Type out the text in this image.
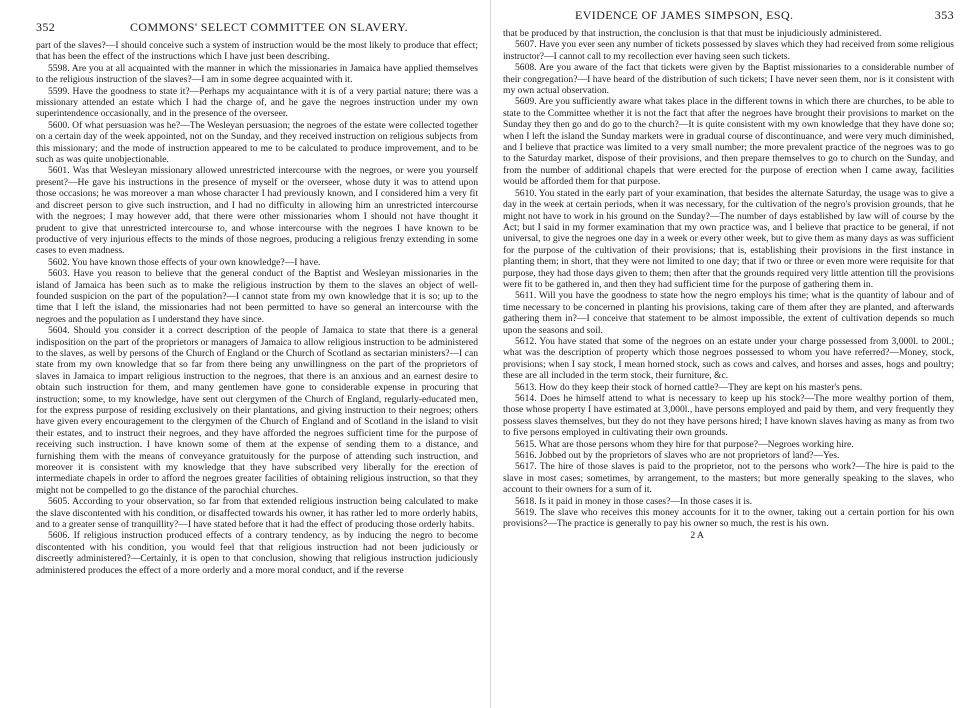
352	COMMONS' SELECT COMMITTEE ON SLAVERY.

part of the slaves?—I should conceive such a system of instruction would be the most likely to produce that effect; that has been the effect of the instructions which I have just been describing.

5598. Are you at all acquainted with the manner in which the missionaries in Jamaica have applied themselves to the religious instruction of the slaves?—I am in some degree acquainted with it.

5599. Have the goodness to state it?—Perhaps my acquaintance with it is of a very partial nature; there was a missionary attended an estate which I had the charge of, and he gave the negroes instruction under my own superintendence occasionally, and in the presence of the overseer.

5600. Of what persuasion was he?—The Wesleyan persuasion; the negroes of the estate were collected together on a certain day of the week appointed, not on the Sunday, and they received instruction on religious subjects from this missionary; and the mode of instruction appeared to me to be calculated to produce improvement, and to be such as was quite unobjectionable.

5601. Was that Wesleyan missionary allowed unrestricted intercourse with the negroes, or were you yourself present?—He gave his instructions in the presence of myself or the overseer, whose duty it was to attend upon those occasions; he was moreover a man whose character I had previously known, and I considered him a very fit and discreet person to give such instruction, and I had no difficulty in allowing him an unrestricted intercourse with the negroes; I may however add, that there were other missionaries whom I should not have thought it prudent to give that unrestricted intercourse to, and whose intercourse with the negroes I have known to be productive of very injurious effects to the minds of those negroes, producing a religious frenzy extending in some cases to even madness.

5602. You have known those effects of your own knowledge?—I have.

5603. Have you reason to believe that the general conduct of the Baptist and Wesleyan missionaries in the island of Jamaica has been such as to make the religious instruction by them to the slaves an object of well-founded suspicion on the part of the population?—I cannot state from my own knowledge that it is so; up to the time that I left the island, the missionaries had not been permitted to have so general an intercourse with the negroes and the population as I understand they have since.

5604. Should you consider it a correct description of the people of Jamaica to state that there is a general indisposition on the part of the proprietors or managers of Jamaica to allow religious instruction to be administered to the slaves, as well by persons of the Church of England or the Church of Scotland as sectarian ministers?—I can state from my own knowledge that so far from there being any unwillingness on the part of the proprietors of slaves in Jamaica to impart religious instruction to the negroes, that there is an anxious and an earnest desire to obtain such instruction for them, and many gentlemen have gone to considerable expense in procuring that instruction; some, to my knowledge, have sent out clergymen of the Church of England, regularly-educated men, for the express purpose of residing exclusively on their plantations, and giving instruction to their negroes; others have given every encouragement to the clergymen of the Church of England and of Scotland in the island to visit their estates, and to instruct their negroes, and they have afforded the negroes sufficient time for the purpose of receiving such instruction. I have known some of them at the expense of sending them to a distance, and furnishing them with the means of conveyance gratuitously for the purpose of attending such instruction, and moreover it is consistent with my knowledge that they have subscribed very liberally for the erection of intermediate chapels in order to afford the negroes greater facilities of obtaining religious instruction, so that they might not be compelled to go the distance of the parochial churches.

5605. According to your observation, so far from that extended religious instruction being calculated to make the slave discontented with his condition, or disaffected towards his owner, it has rather led to more orderly habits, and to a greater sense of tranquillity?—I have stated before that it had the effect of producing those orderly habits.

5606. If religious instruction produced effects of a contrary tendency, as by inducing the negro to become discontented with his condition, you would feel that that religious instruction had not been judiciously or discreetly administered?—Certainly, it is open to that conclusion, showing that religious instruction judiciously administered produces the effect of a more orderly and a more moral conduct, and if the reverse

EVIDENCE OF JAMES SIMPSON, ESQ.	353

that be produced by that instruction, the conclusion is that that must be injudiciously administered.

5607. Have you ever seen any number of tickets possessed by slaves which they had received from some religious instructor?—I cannot call to my recollection ever having seen such tickets.

5608. Are you aware of the fact that tickets were given by the Baptist missionaries to a considerable number of their congregation?—I have heard of the distribution of such tickets; I have never seen them, nor is it consistent with my own actual observation.

5609. Are you sufficiently aware what takes place in the different towns in which there are churches, to be able to state to the Committee whether it is not the fact that after the negroes have brought their provisions to market on the Sunday they then go and do go to the church?—It is quite consistent with my own knowledge that they have done so; when I left the island the Sunday markets were in gradual course of discontinuance, and were very much diminished, and I believe that practice was limited to a very small number; the more prevalent practice of the negroes was to go to the Saturday market, dispose of their provisions, and then prepare themselves to go to church on the Sunday, and from the number of additional chapels that were erected for the purpose of erection when I came away, facilities would be afforded them for that purpose.

5610. You stated in the early part of your examination, that besides the alternate Saturday, the usage was to give a day in the week at certain periods, when it was necessary, for the cultivation of the negro's provision grounds, that he might not have to work in his ground on the Sunday?—The number of days established by law will of course by the Act; but I said in my former examination that my own practice was, and I believe that practice to be general, if not universal, to give the negroes one day in a week or every other week, but to give them as many days as was sufficient for the purpose of the cultivation of their provisions; that is, establishing their provisions in the first instance in planting them; in short, that they were not limited to one day; that if two or three or even more were requisite for that purpose, they had those days given to them; then after that the grounds required very little attention till the provisions were fit to be gathered in, and then they had sufficient time for the purpose of gathering them in.

5611. Will you have the goodness to state how the negro employs his time; what is the quantity of labour and of time necessary to be concerned in planting his provisions, taking care of them after they are planted, and afterwards gathering them in?—I conceive that statement to be almost impossible, the extent of cultivation depends so much upon the seasons and soil.

5612. You have stated that some of the negroes on an estate under your charge possessed from 3,000l. to 200l.; what was the description of property which those negroes possessed to whom you have referred?—Money, stock, provisions; when I say stock, I mean horned stock, such as cows and calves, and horses and asses, hogs and poultry; these are all included in the term stock, their furniture, &c.

5613. How do they keep their stock of horned cattle?—They are kept on his master's pens.

5614. Does he himself attend to what is necessary to keep up his stock?—The more wealthy portion of them, those whose property I have estimated at 3,000l., have persons employed and paid by them, and very frequently they possess slaves themselves, but they do not they have persons hired; I have known slaves having as many as from two to five persons employed in cultivating their own grounds.

5615. What are those persons whom they hire for that purpose?—Negroes working hire.

5616. Jobbed out by the proprietors of slaves who are not proprietors of land?—Yes.

5617. The hire of those slaves is paid to the proprietor, not to the persons who work?—The hire is paid to the slave in most cases; sometimes, by arrangement, to the masters; but more generally speaking to the slaves, who account to their owners for a sum of it.

5618. Is it paid in money in those cases?—In those cases it is.

5619. The slave who receives this money accounts for it to the owner, taking out a certain portion for his own provisions?—The practice is generally to pay his owner so much, the rest is his own.

2 A
